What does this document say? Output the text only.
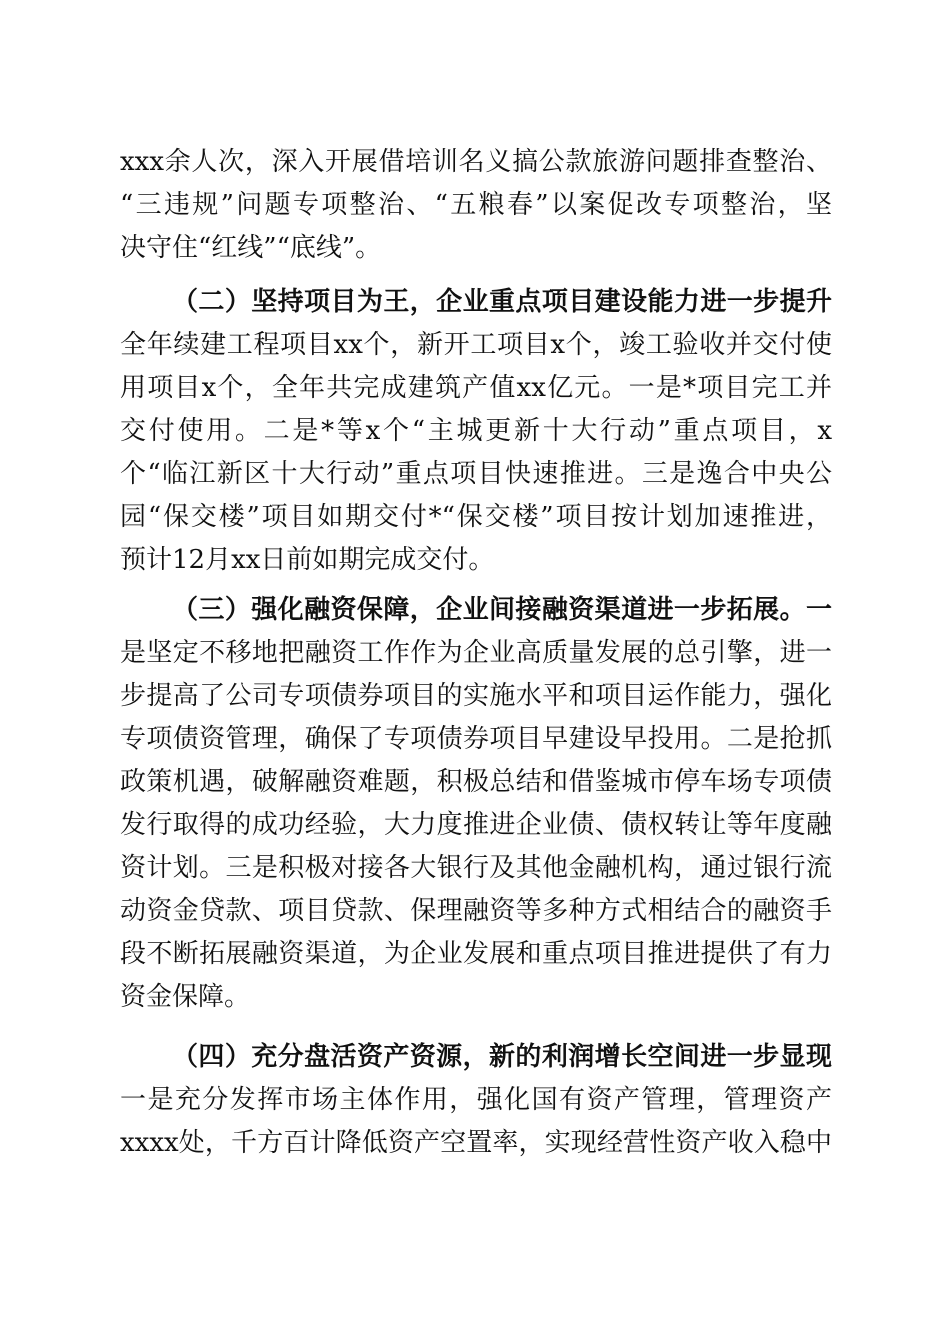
xxx余人次，深入开展借培训名义搞公款旅游问题排查整治、
“三违规”问题专项整治、“五粮春”以案促改专项整治，坚
决守住“红线”“底线”。
（二）坚持项目为王，企业重点项目建设能力进一步提升
全年续建工程项目xx个，新开工项目x个，竣工验收并交付使
用项目x个，全年共完成建筑产值xx亿元。一是*项目完工并
交付使用。二是*等x个“主城更新十大行动”重点项目，x
个“临江新区十大行动”重点项目快速推进。三是逸合中央公
园“保交楼”项目如期交付*“保交楼”项目按计划加速推进，
预计12月xx日前如期完成交付。
（三）强化融资保障，企业间接融资渠道进一步拓展。一
是坚定不移地把融资工作作为企业高质量发展的总引擎，进一
步提高了公司专项债券项目的实施水平和项目运作能力，强化
专项债资管理，确保了专项债券项目早建设早投用。二是抢抓
政策机遇，破解融资难题，积极总结和借鉴城市停车场专项债
发行取得的成功经验，大力度推进企业债、债权转让等年度融
资计划。三是积极对接各大银行及其他金融机构，通过银行流
动资金贷款、项目贷款、保理融资等多种方式相结合的融资手
段不断拓展融资渠道，为企业发展和重点项目推进提供了有力
资金保障。
（四）充分盘活资产资源，新的利润增长空间进一步显现
一是充分发挥市场主体作用，强化国有资产管理，管理资产
xxxx处，千方百计降低资产空置率，实现经营性资产收入稳中
